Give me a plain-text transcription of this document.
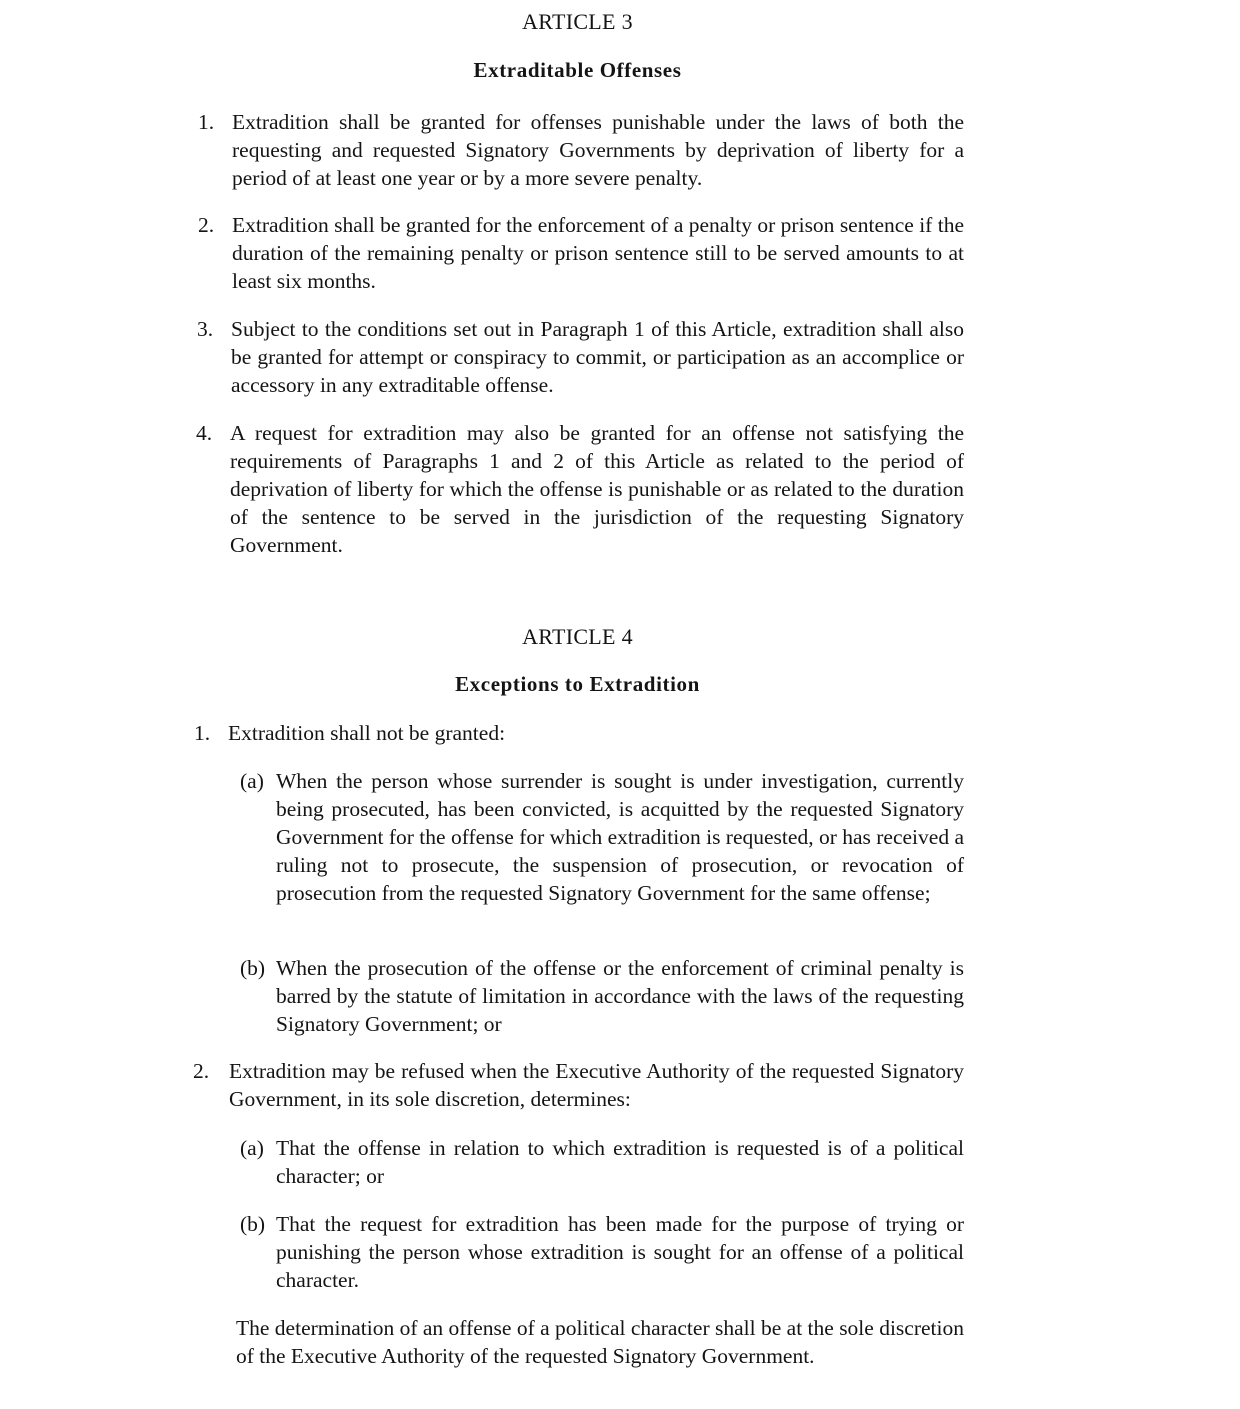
ARTICLE 3
Extraditable Offenses
1. Extradition shall be granted for offenses punishable under the laws of both the requesting and requested Signatory Governments by deprivation of liberty for a period of at least one year or by a more severe penalty.
2. Extradition shall be granted for the enforcement of a penalty or prison sentence if the duration of the remaining penalty or prison sentence still to be served amounts to at least six months.
3. Subject to the conditions set out in Paragraph 1 of this Article, extradition shall also be granted for attempt or conspiracy to commit, or participation as an accomplice or accessory in any extraditable offense.
4. A request for extradition may also be granted for an offense not satisfying the requirements of Paragraphs 1 and 2 of this Article as related to the period of deprivation of liberty for which the offense is punishable or as related to the duration of the sentence to be served in the jurisdiction of the requesting Signatory Government.
ARTICLE 4
Exceptions to Extradition
1. Extradition shall not be granted:
(a) When the person whose surrender is sought is under investigation, currently being prosecuted, has been convicted, is acquitted by the requested Signatory Government for the offense for which extradition is requested, or has received a ruling not to prosecute, the suspension of prosecution, or revocation of prosecution from the requested Signatory Government for the same offense;
(b) When the prosecution of the offense or the enforcement of criminal penalty is barred by the statute of limitation in accordance with the laws of the requesting Signatory Government; or
2. Extradition may be refused when the Executive Authority of the requested Signatory Government, in its sole discretion, determines:
(a) That the offense in relation to which extradition is requested is of a political character; or
(b) That the request for extradition has been made for the purpose of trying or punishing the person whose extradition is sought for an offense of a political character.
The determination of an offense of a political character shall be at the sole discretion of the Executive Authority of the requested Signatory Government.
